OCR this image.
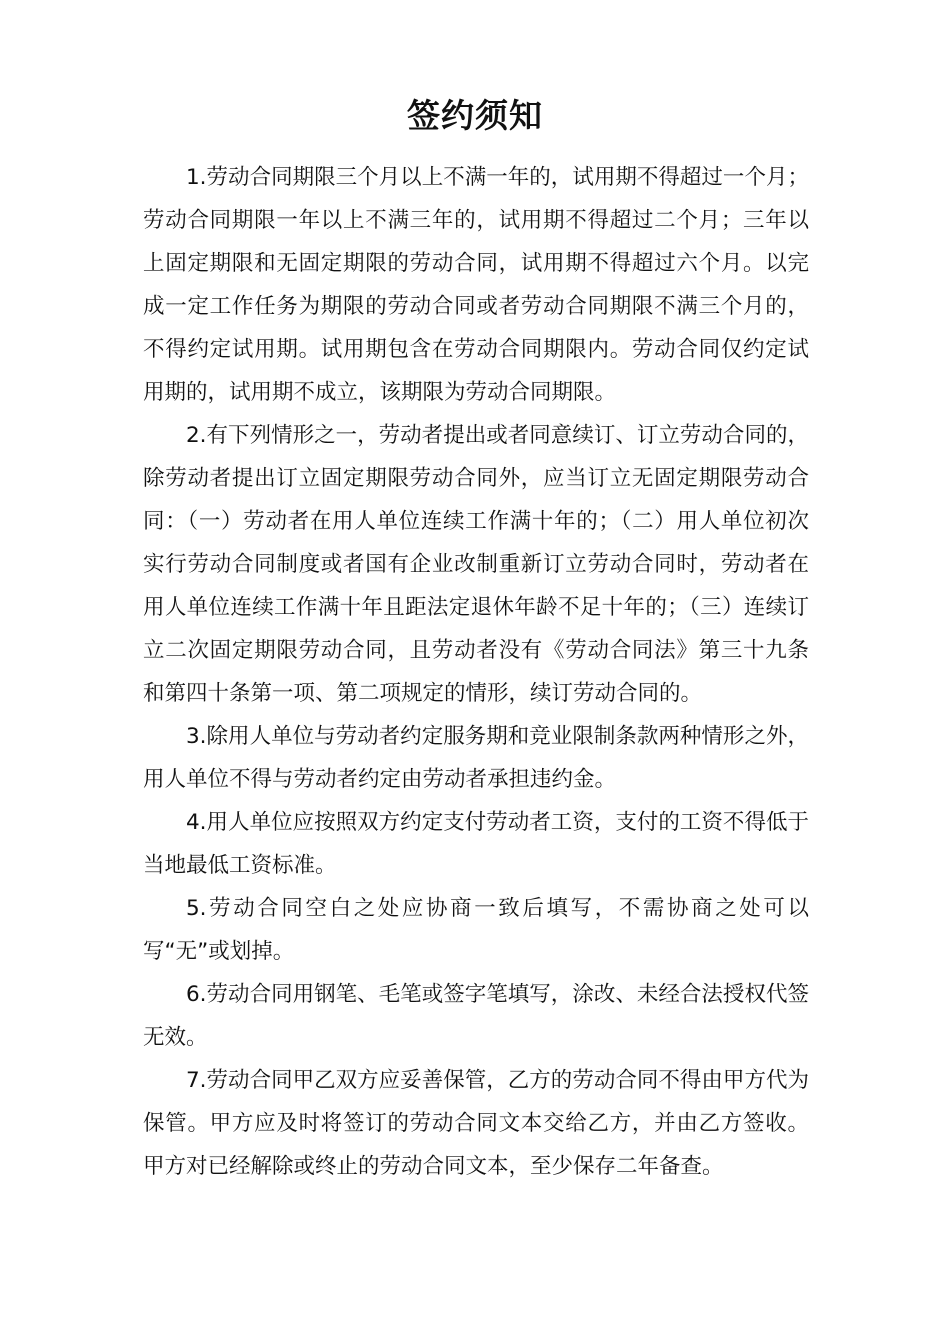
签约须知

1.劳动合同期限三个月以上不满一年的，试用期不得超过一个月；劳动合同期限一年以上不满三年的，试用期不得超过二个月；三年以上固定期限和无固定期限的劳动合同，试用期不得超过六个月。以完成一定工作任务为期限的劳动合同或者劳动合同期限不满三个月的，不得约定试用期。试用期包含在劳动合同期限内。劳动合同仅约定试用期的，试用期不成立，该期限为劳动合同期限。

2.有下列情形之一，劳动者提出或者同意续订、订立劳动合同的，除劳动者提出订立固定期限劳动合同外，应当订立无固定期限劳动合同：（一）劳动者在用人单位连续工作满十年的；（二）用人单位初次实行劳动合同制度或者国有企业改制重新订立劳动合同时，劳动者在用人单位连续工作满十年且距法定退休年龄不足十年的；（三）连续订立二次固定期限劳动合同，且劳动者没有《劳动合同法》第三十九条和第四十条第一项、第二项规定的情形，续订劳动合同的。

3.除用人单位与劳动者约定服务期和竞业限制条款两种情形之外，用人单位不得与劳动者约定由劳动者承担违约金。

4.用人单位应按照双方约定支付劳动者工资，支付的工资不得低于当地最低工资标准。

5.劳动合同空白之处应协商一致后填写，不需协商之处可以写“无”或划掉。

6.劳动合同用钢笔、毛笔或签字笔填写，涂改、未经合法授权代签无效。

7.劳动合同甲乙双方应妥善保管，乙方的劳动合同不得由甲方代为保管。甲方应及时将签订的劳动合同文本交给乙方，并由乙方签收。甲方对已经解除或终止的劳动合同文本，至少保存二年备查。
